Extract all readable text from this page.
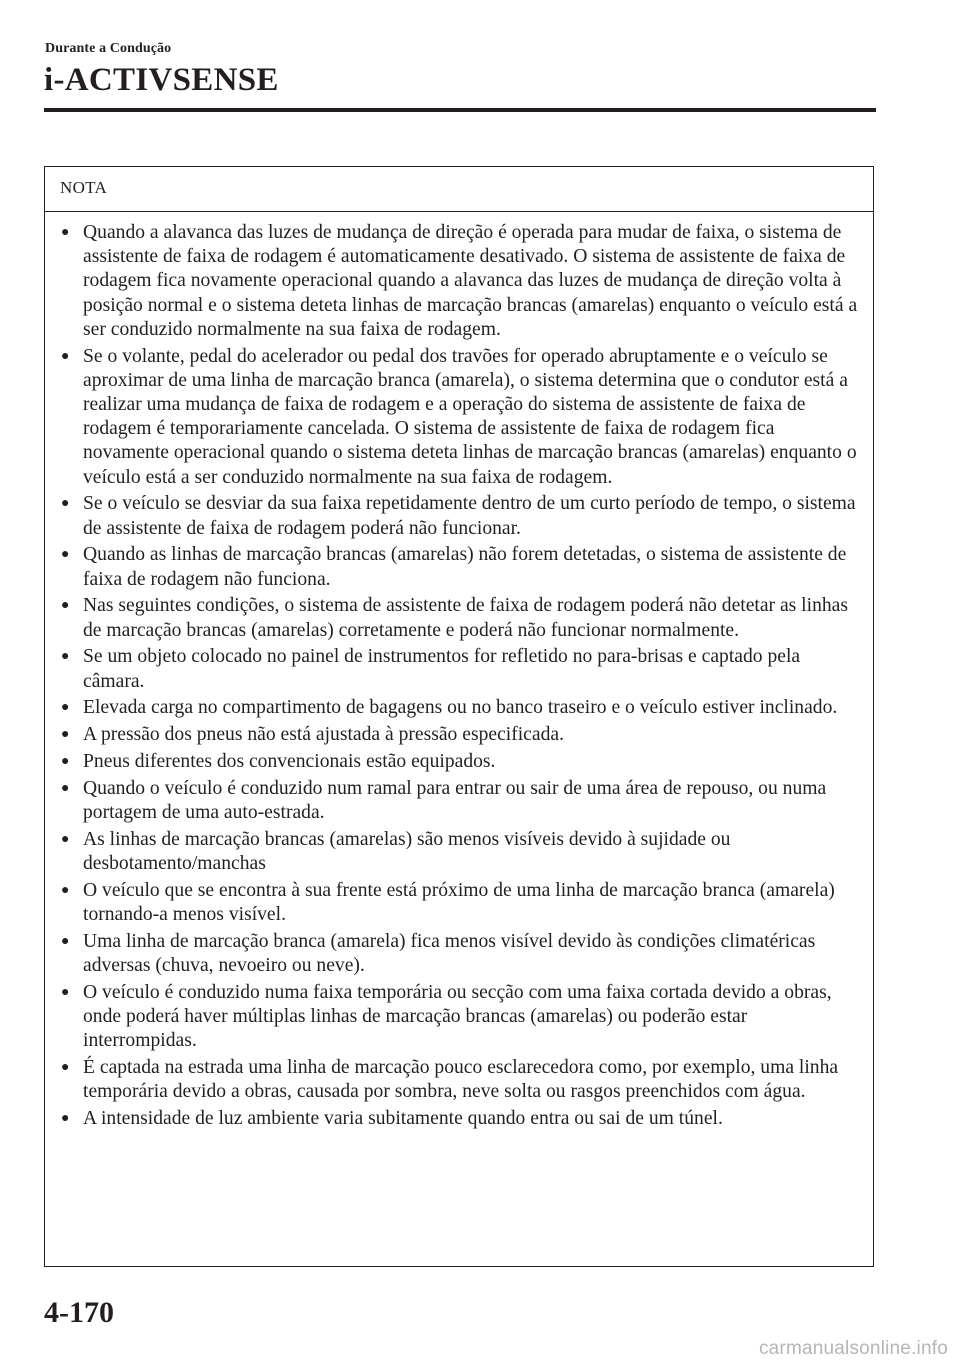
Durante a Condução
i-ACTIVSENSE
NOTA
● Quando a alavanca das luzes de mudança de direção é operada para mudar de faixa, o sistema de assistente de faixa de rodagem é automaticamente desativado. O sistema de assistente de faixa de rodagem fica novamente operacional quando a alavanca das luzes de mudança de direção volta à posição normal e o sistema deteta linhas de marcação brancas (amarelas) enquanto o veículo está a ser conduzido normalmente na sua faixa de rodagem.
● Se o volante, pedal do acelerador ou pedal dos travões for operado abruptamente e o veículo se aproximar de uma linha de marcação branca (amarela), o sistema determina que o condutor está a realizar uma mudança de faixa de rodagem e a operação do sistema de assistente de faixa de rodagem é temporariamente cancelada. O sistema de assistente de faixa de rodagem fica novamente operacional quando o sistema deteta linhas de marcação brancas (amarelas) enquanto o veículo está a ser conduzido normalmente na sua faixa de rodagem.
● Se o veículo se desviar da sua faixa repetidamente dentro de um curto período de tempo, o sistema de assistente de faixa de rodagem poderá não funcionar.
● Quando as linhas de marcação brancas (amarelas) não forem detetadas, o sistema de assistente de faixa de rodagem não funciona.
● Nas seguintes condições, o sistema de assistente de faixa de rodagem poderá não detetar as linhas de marcação brancas (amarelas) corretamente e poderá não funcionar normalmente.
● Se um objeto colocado no painel de instrumentos for refletido no para-brisas e captado pela câmara.
● Elevada carga no compartimento de bagagens ou no banco traseiro e o veículo estiver inclinado.
● A pressão dos pneus não está ajustada à pressão especificada.
● Pneus diferentes dos convencionais estão equipados.
● Quando o veículo é conduzido num ramal para entrar ou sair de uma área de repouso, ou numa portagem de uma auto-estrada.
● As linhas de marcação brancas (amarelas) são menos visíveis devido à sujidade ou desbotamento/manchas
● O veículo que se encontra à sua frente está próximo de uma linha de marcação branca (amarela) tornando-a menos visível.
● Uma linha de marcação branca (amarela) fica menos visível devido às condições climatéricas adversas (chuva, nevoeiro ou neve).
● O veículo é conduzido numa faixa temporária ou secção com uma faixa cortada devido a obras, onde poderá haver múltiplas linhas de marcação brancas (amarelas) ou poderão estar interrompidas.
● É captada na estrada uma linha de marcação pouco esclarecedora como, por exemplo, uma linha temporária devido a obras, causada por sombra, neve solta ou rasgos preenchidos com água.
● A intensidade de luz ambiente varia subitamente quando entra ou sai de um túnel.
4-170
carmanualsonline.info
